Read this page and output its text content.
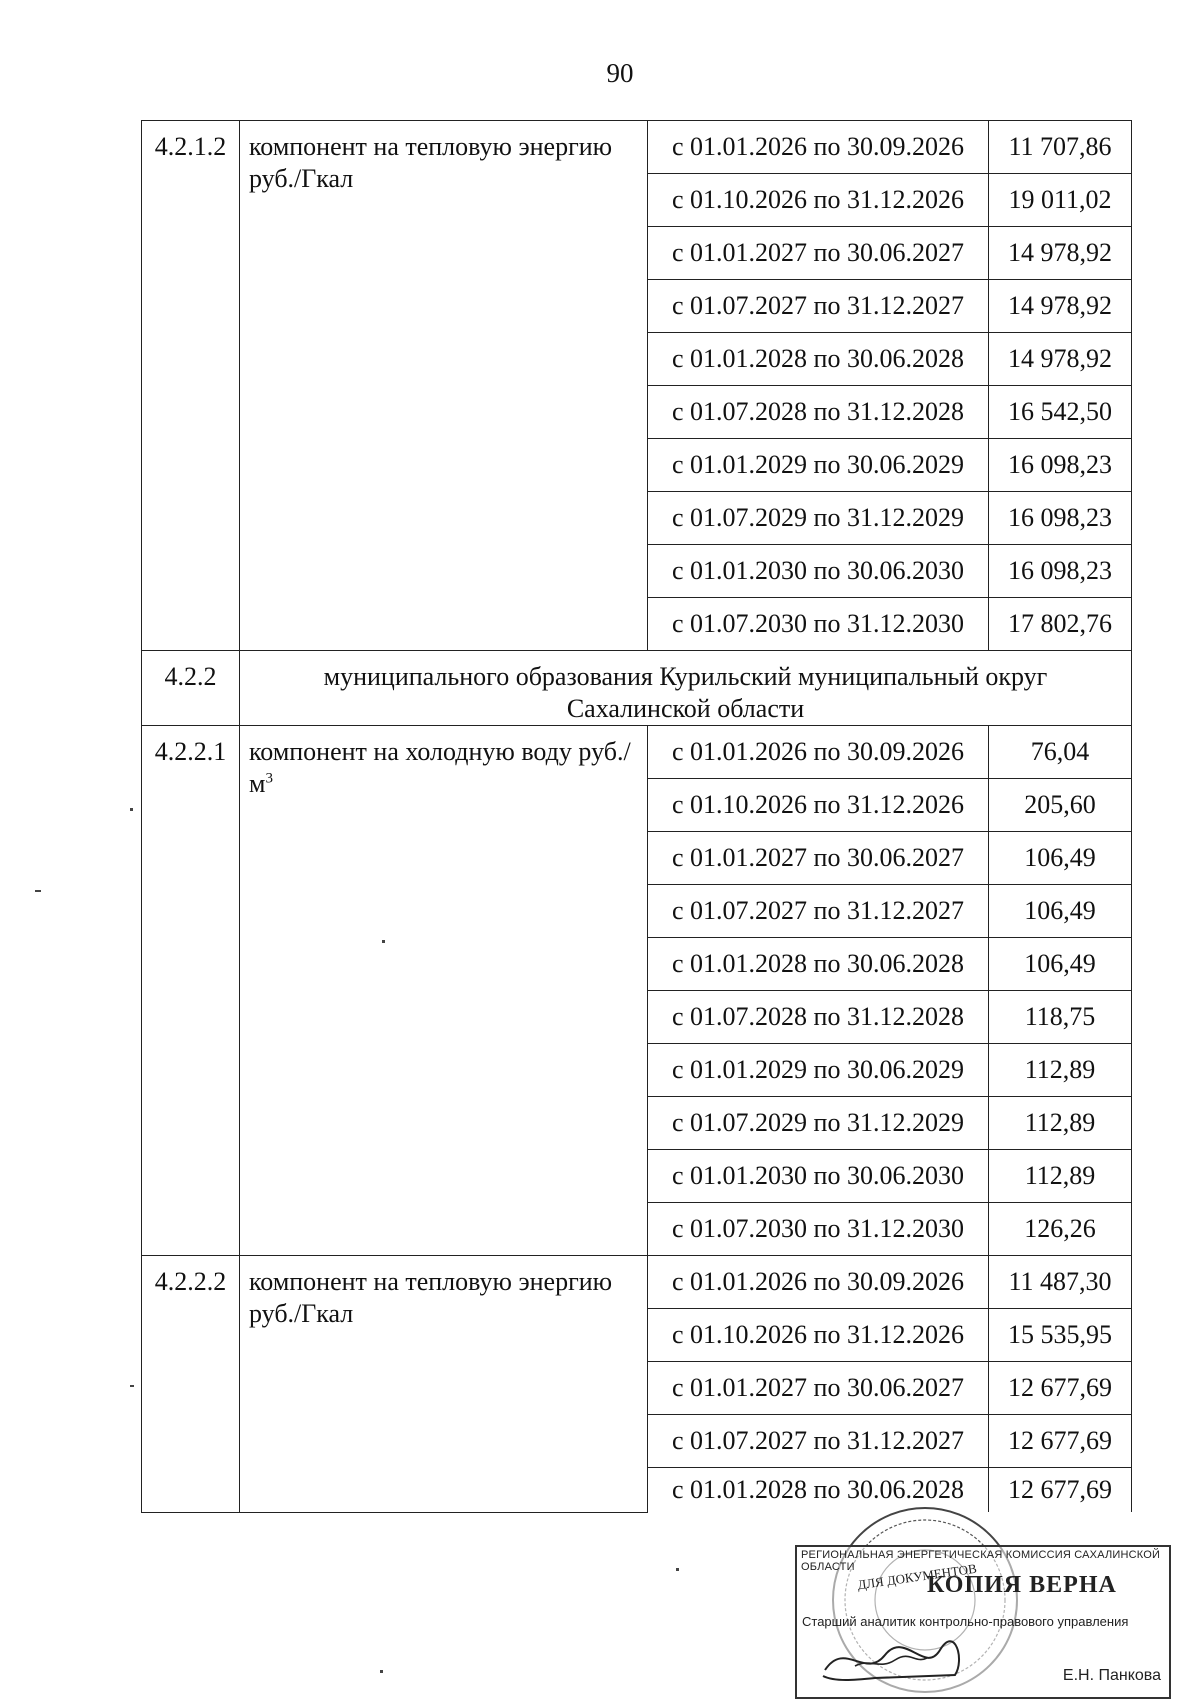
90
4.2.1.2	компонент на тепловую энергию руб./Гкал	с 01.01.2026 по 30.09.2026	11 707,86
		с 01.10.2026 по 31.12.2026	19 011,02
		с 01.01.2027 по 30.06.2027	14 978,92
		с 01.07.2027 по 31.12.2027	14 978,92
		с 01.01.2028 по 30.06.2028	14 978,92
		с 01.07.2028 по 31.12.2028	16 542,50
		с 01.01.2029 по 30.06.2029	16 098,23
		с 01.07.2029 по 31.12.2029	16 098,23
		с 01.01.2030 по 30.06.2030	16 098,23
		с 01.07.2030 по 31.12.2030	17 802,76
4.2.2	муниципального образования Курильский муниципальный округ
Сахалинской области		

4.2.2.1	компонент на холодную воду $руб./м^3$	с 01.01.2026 по 30.09.2026	76,04
		с 01.10.2026 по 31.12.2026	205,60
		с 01.01.2027 по 30.06.2027	106,49
		с 01.07.2027 по 31.12.2027	106,49
		с 01.01.2028 по 30.06.2028	106,49
		с 01.07.2028 по 31.12.2028	118,75
		с 01.01.2029 по 30.06.2029	112,89
		с 01.07.2029 по 31.12.2029	112,89
		с 01.01.2030 по 30.06.2030	112,89
		с 01.07.2030 по 31.12.2030	126,26
4.2.2.2	компонент на тепловую энергию руб./Гкал	с 01.01.2026 по 30.09.2026	11 487,30
		с 01.10.2026 по 31.12.2026	15 535,95
		с 01.01.2027 по 30.06.2027	12 677,69
		с 01.07.2027 по 31.12.2027	12 677,69
		с 01.01.2028 по 30.06.2028	12 677,69

РЕГИОНАЛЬНАЯ ЭНЕРГЕТИЧЕСКАЯ КОМИССИЯ САХАЛИНСКОЙ ОБЛАСТИ
КОПИЯ ВЕРНА
Старший аналитик контрольно-правового управления
Е.Н. Панкова
ДЛЯ ДОКУМЕНТОВ
